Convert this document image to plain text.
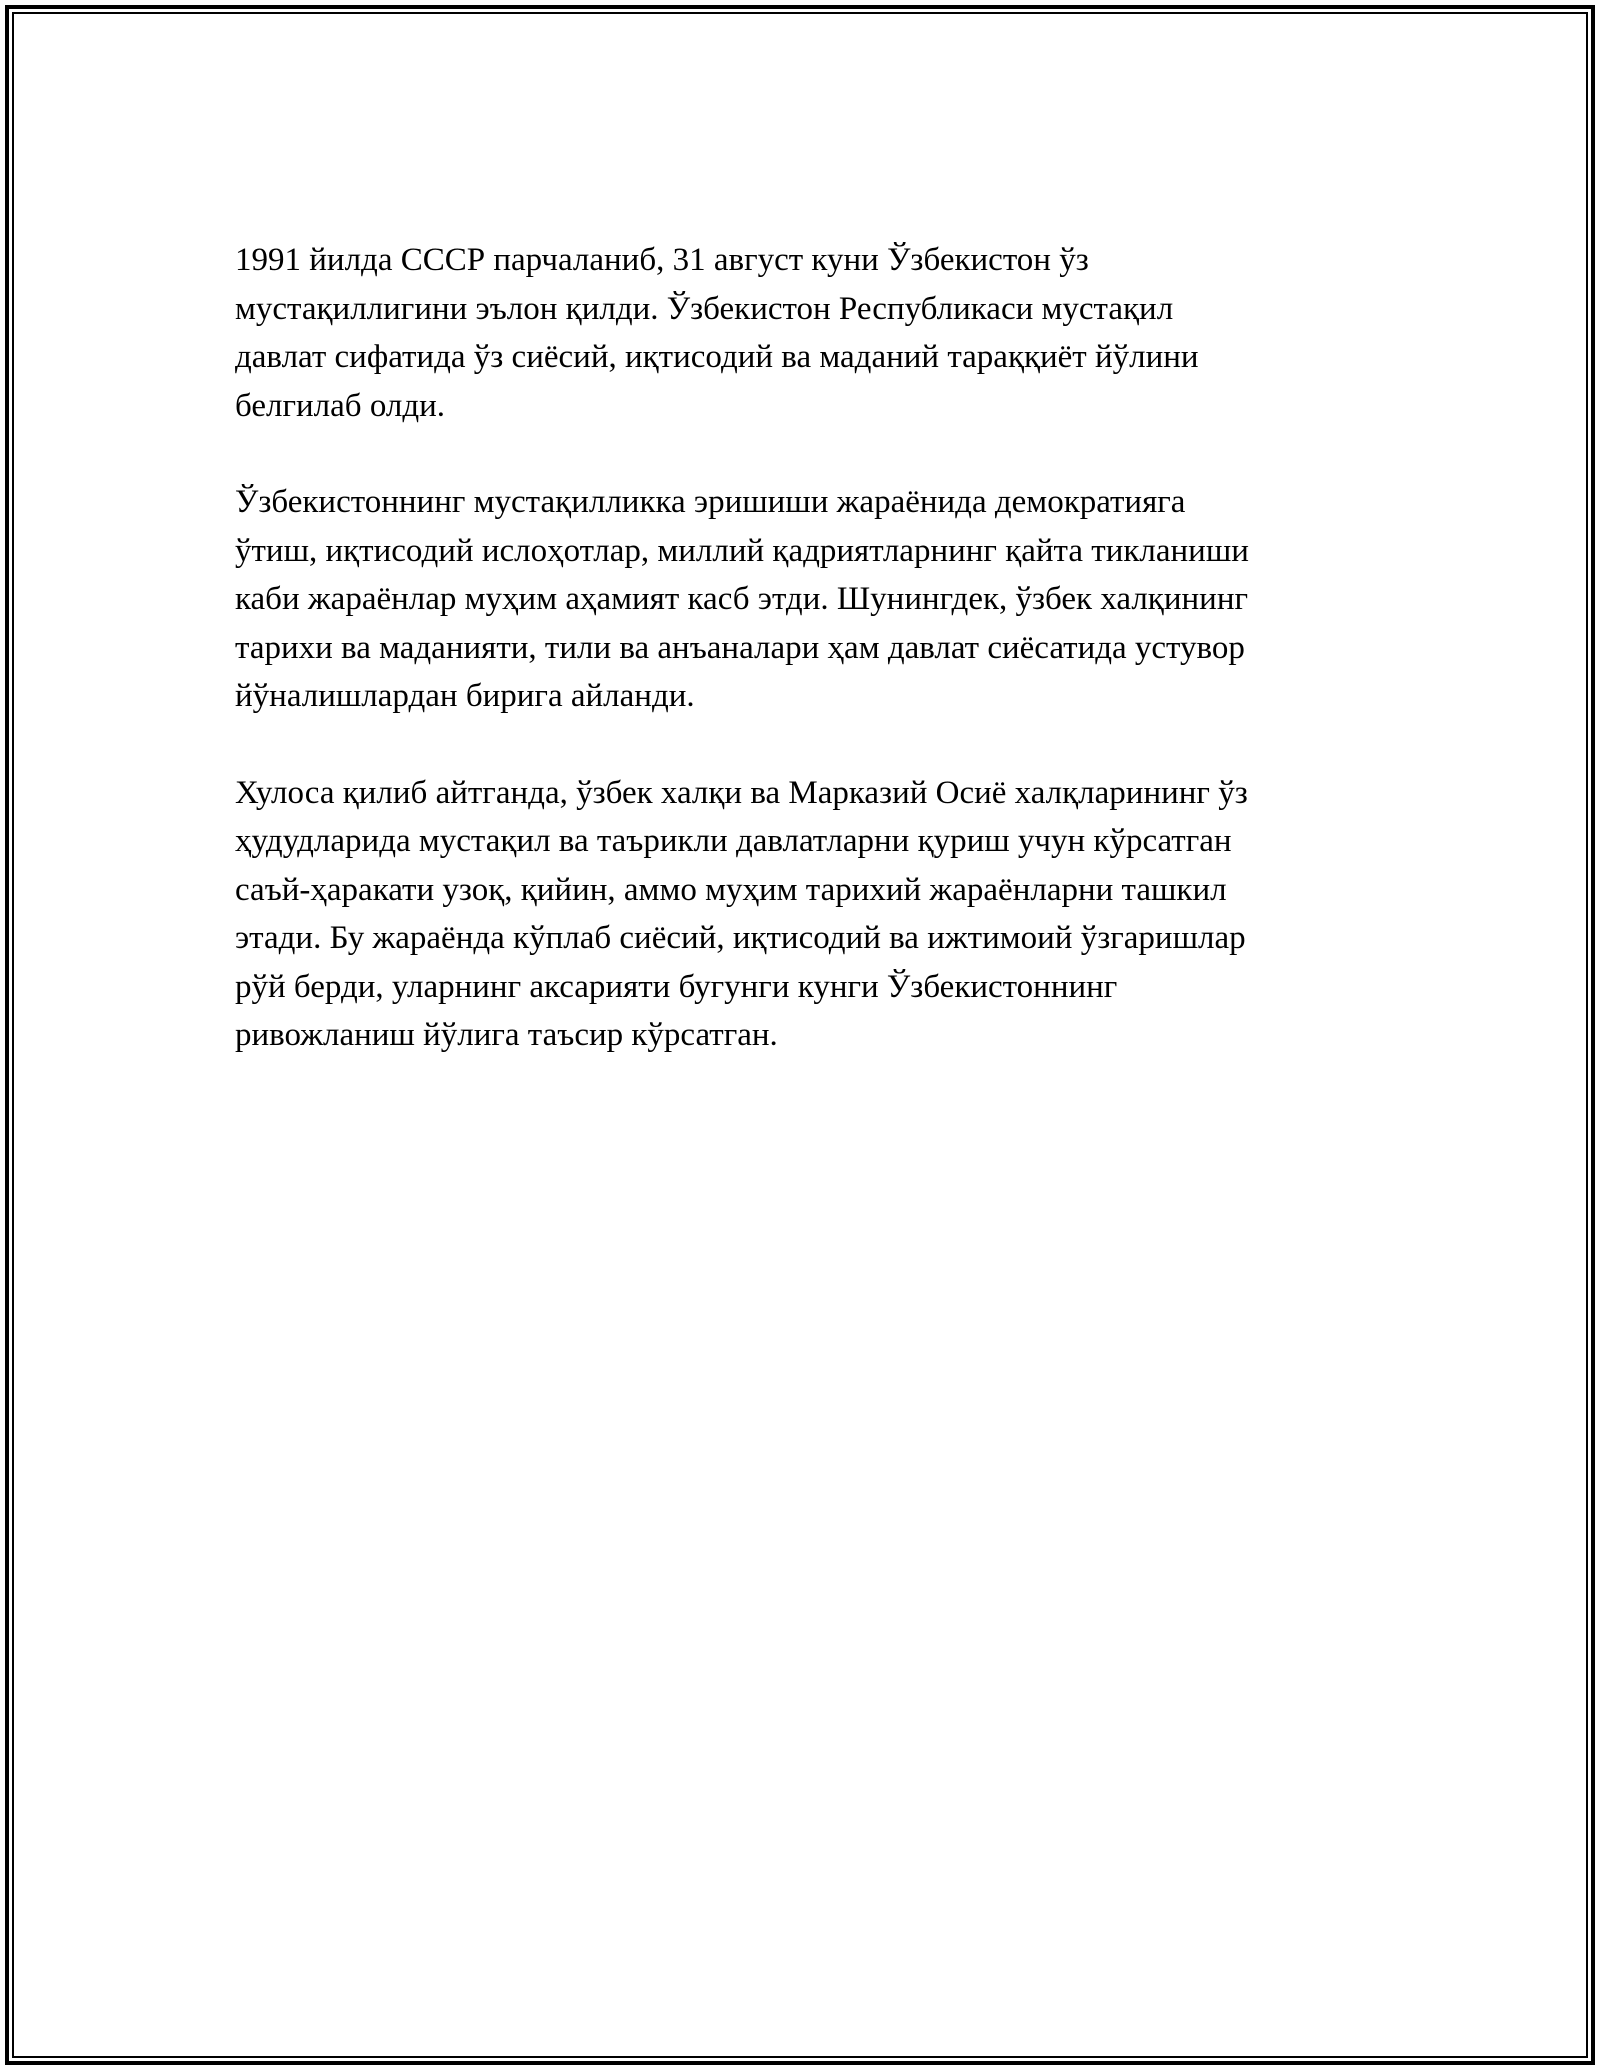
1991 йилда СССР парчаланиб, 31 август куни Ўзбекистон ўз
мустақиллигини эълон қилди. Ўзбекистон Республикаси мустақил
давлат сифатида ўз сиёсий, иқтисодий ва маданий тараққиёт йўлини
белгилаб олди.

Ўзбекистоннинг мустақилликка эришиши жараёнида демократияга
ўтиш, иқтисодий ислоҳотлар, миллий қадриятларнинг қайта тикланиши
каби жараёнлар муҳим аҳамият касб этди. Шунингдек, ўзбек халқининг
тарихи ва маданияти, тили ва анъаналари ҳам давлат сиёсатида устувор
йўналишлардан бирига айланди.

Хулоса қилиб айтганда, ўзбек халқи ва Марказий Осиё халқларининг ўз
ҳудудларида мустақил ва таърикли давлатларни қуриш учун кўрсатган
саъй-ҳаракати узоқ, қийин, аммо муҳим тарихий жараёнларни ташкил
этади. Бу жараёнда кўплаб сиёсий, иқтисодий ва ижтимоий ўзгаришлар
рўй берди, уларнинг аксарияти бугунги кунги Ўзбекистоннинг
ривожланиш йўлига таъсир кўрсатган.
